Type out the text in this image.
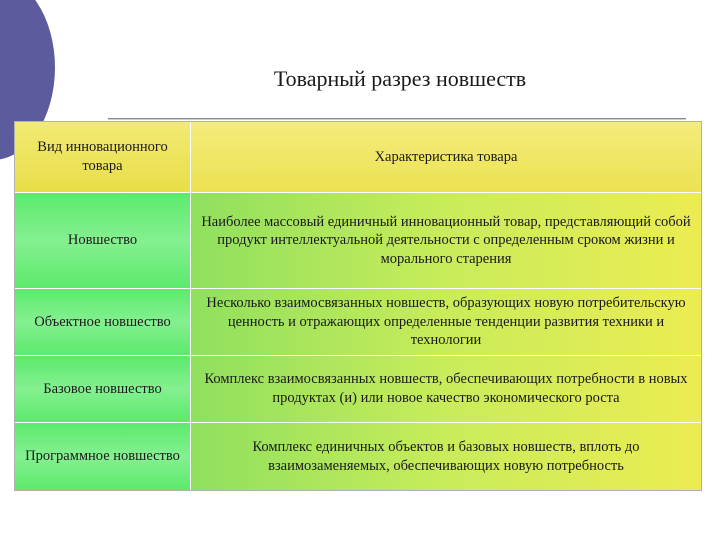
Товарный разрез новшеств
Вид инновационного товара
Характеристика товара
Новшество
Наиболее массовый единичный инновационный товар, представляющий собой продукт интеллектуальной деятельности с определенным сроком жизни и морального старения
Объектное новшество
Несколько взаимосвязанных новшеств, образующих новую потребительскую ценность и отражающих определенные тенденции развития техники и технологии
Базовое новшество
Комплекс взаимосвязанных новшеств, обеспечивающих потребности в новых продуктах (и) или новое качество экономического роста
Программное новшество
Комплекс единичных объектов и базовых новшеств, вплоть до взаимозаменяемых, обеспечивающих новую потребность
